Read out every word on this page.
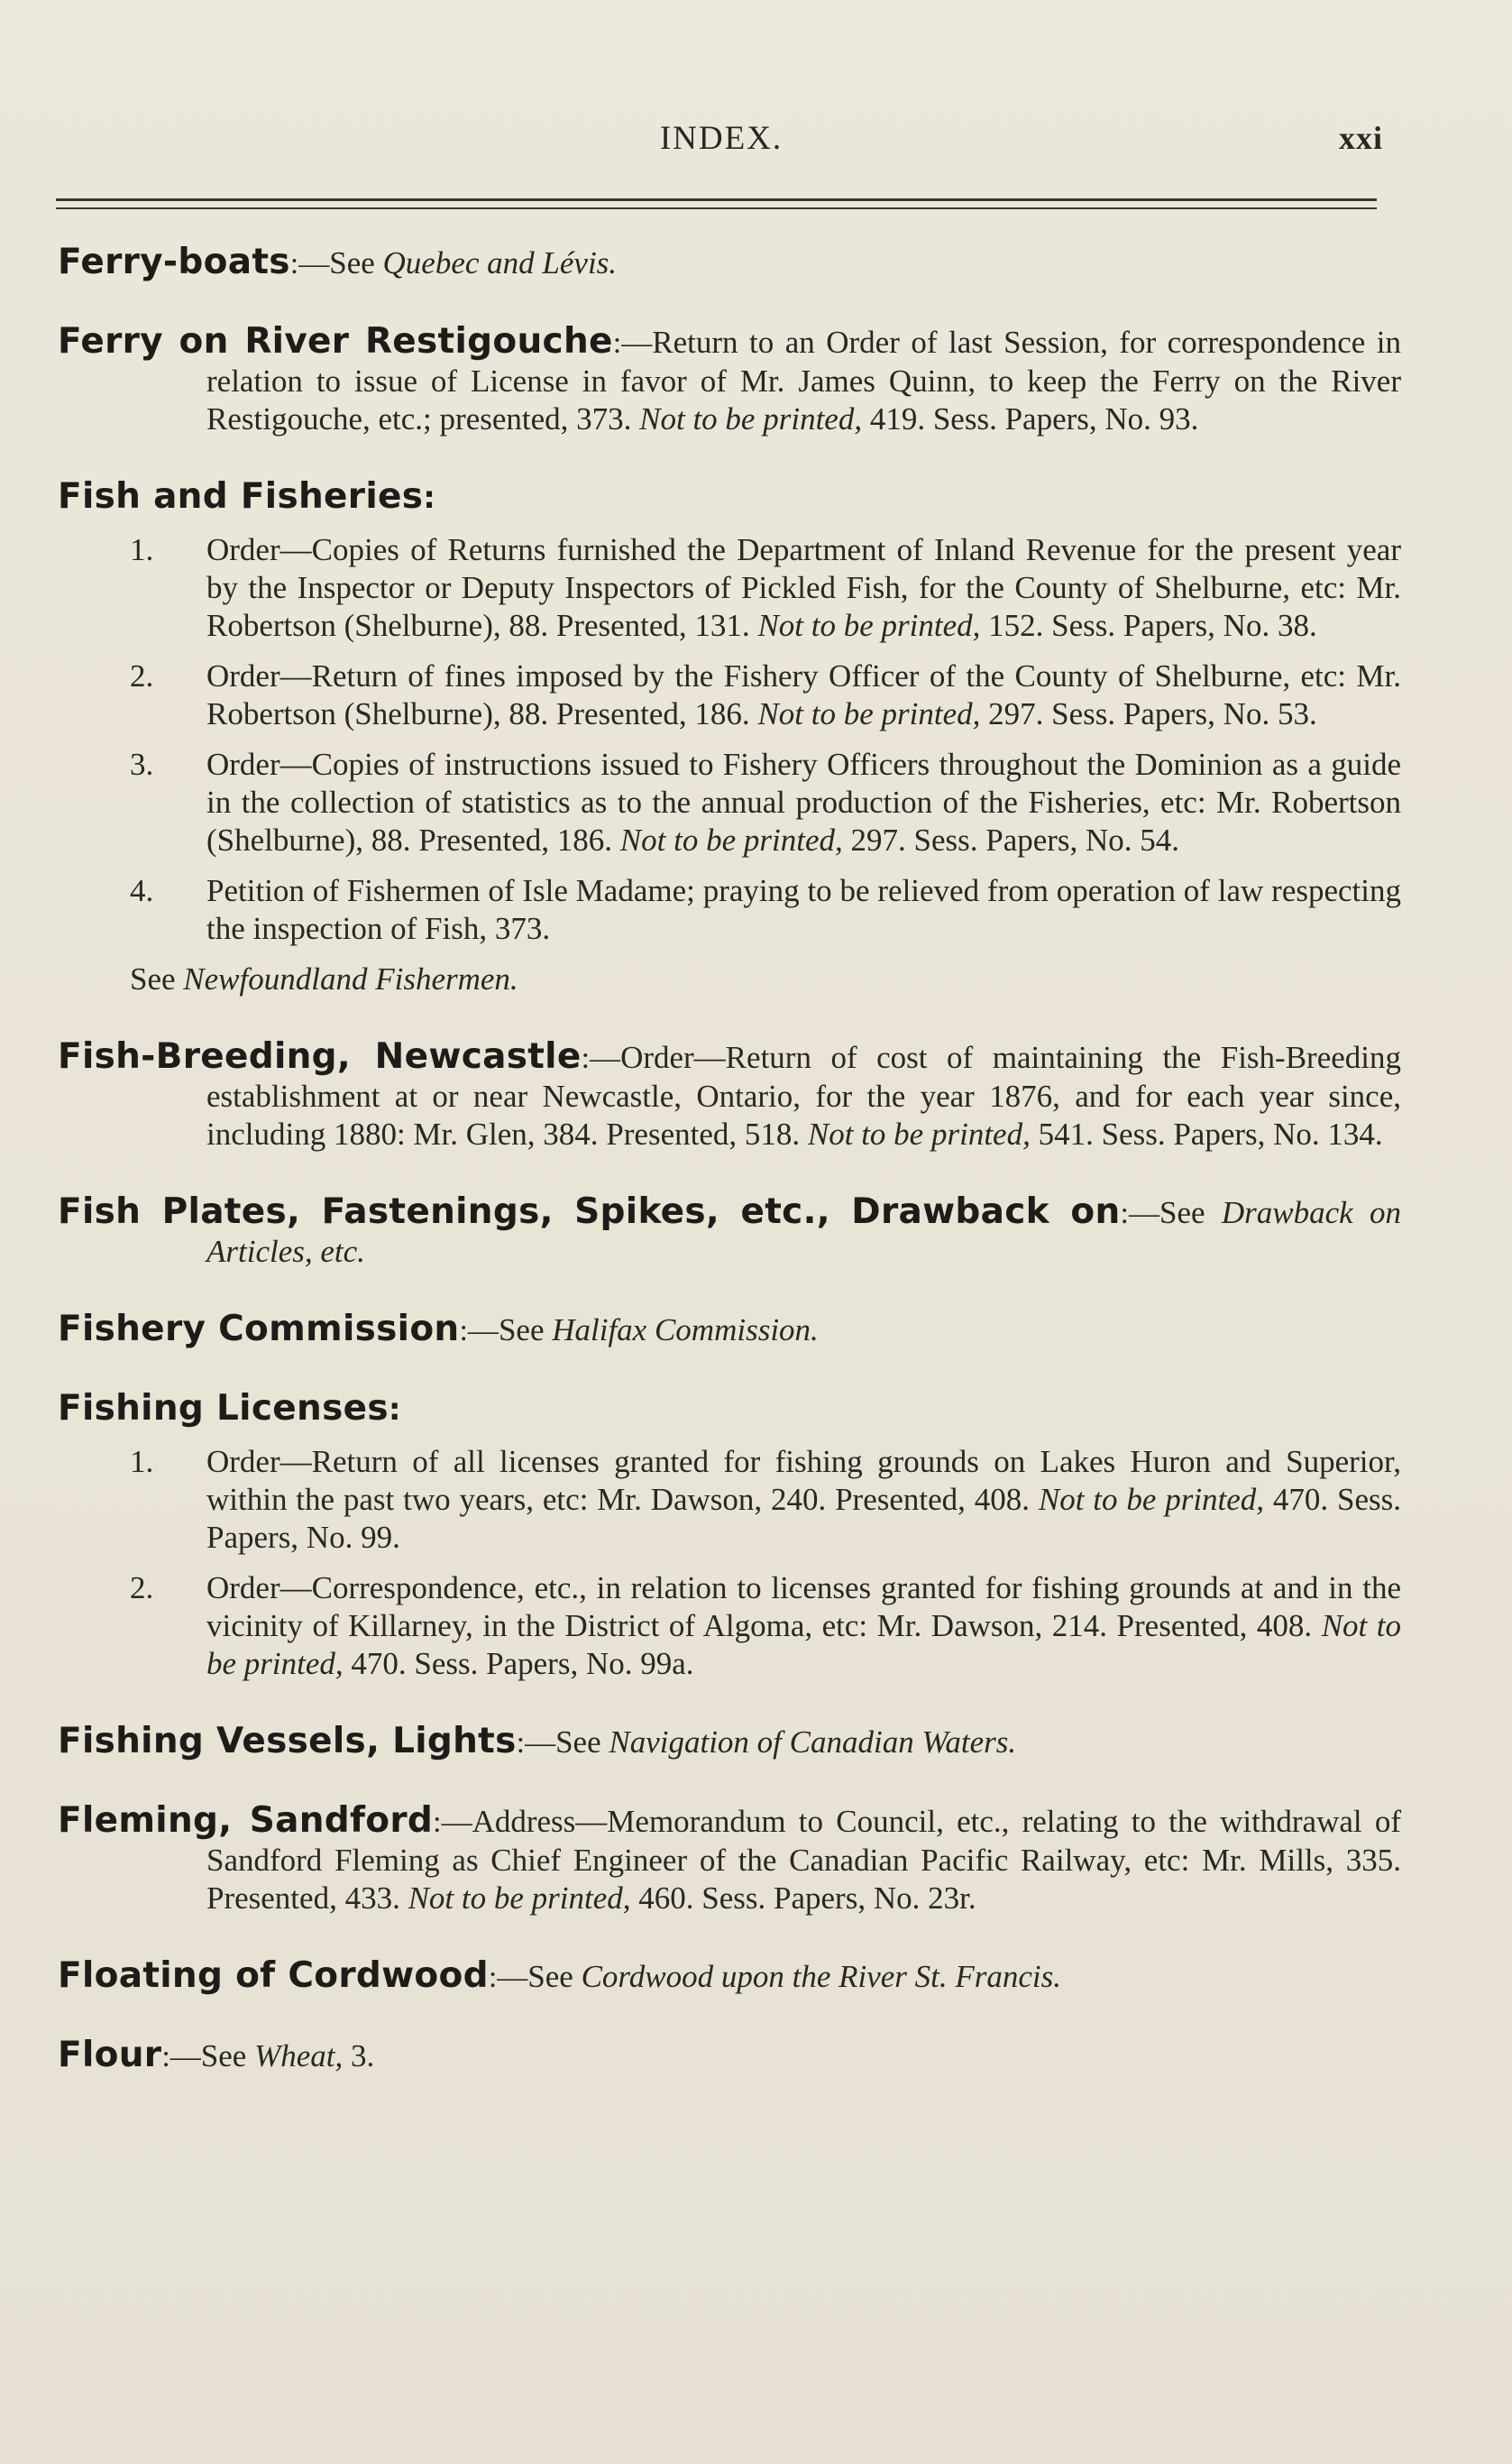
INDEX.	xxi
Ferry-boats:—See Quebec and Lévis.
Ferry on River Restigouche:—Return to an Order of last Session, for correspondence in relation to issue of License in favor of Mr. James Quinn, to keep the Ferry on the River Restigouche, etc.; presented, 373. Not to be printed, 419. Sess. Papers, No. 93.
Fish and Fisheries:
1. Order—Copies of Returns furnished the Department of Inland Revenue for the present year by the Inspector or Deputy Inspectors of Pickled Fish, for the County of Shelburne, etc: Mr. Robertson (Shelburne), 88. Presented, 131. Not to be printed, 152. Sess. Papers, No. 38.
2. Order—Return of fines imposed by the Fishery Officer of the County of Shelburne, etc: Mr. Robertson (Shelburne), 88. Presented, 186. Not to be printed, 297. Sess. Papers, No. 53.
3. Order—Copies of instructions issued to Fishery Officers throughout the Dominion as a guide in the collection of statistics as to the annual production of the Fisheries, etc: Mr. Robertson (Shelburne), 88. Presented, 186. Not to be printed, 297. Sess. Papers, No. 54.
4. Petition of Fishermen of Isle Madame; praying to be relieved from operation of law respecting the inspection of Fish, 373.
See Newfoundland Fishermen.
Fish-Breeding, Newcastle:—Order—Return of cost of maintaining the Fish-Breeding establishment at or near Newcastle, Ontario, for the year 1876, and for each year since, including 1880: Mr. Glen, 384. Presented, 518. Not to be printed, 541. Sess. Papers, No. 134.
Fish Plates, Fastenings, Spikes, etc., Drawback on:—See Drawback on Articles, etc.
Fishery Commission:—See Halifax Commission.
Fishing Licenses:
1. Order—Return of all licenses granted for fishing grounds on Lakes Huron and Superior, within the past two years, etc: Mr. Dawson, 240. Presented, 408. Not to be printed, 470. Sess. Papers, No. 99.
2. Order—Correspondence, etc., in relation to licenses granted for fishing grounds at and in the vicinity of Killarney, in the District of Algoma, etc: Mr. Dawson, 214. Presented, 408. Not to be printed, 470. Sess. Papers, No. 99a.
Fishing Vessels, Lights:—See Navigation of Canadian Waters.
Fleming, Sandford:—Address—Memorandum to Council, etc., relating to the withdrawal of Sandford Fleming as Chief Engineer of the Canadian Pacific Railway, etc: Mr. Mills, 335. Presented, 433. Not to be printed, 460. Sess. Papers, No. 23r.
Floating of Cordwood:—See Cordwood upon the River St. Francis.
Flour:—See Wheat, 3.
